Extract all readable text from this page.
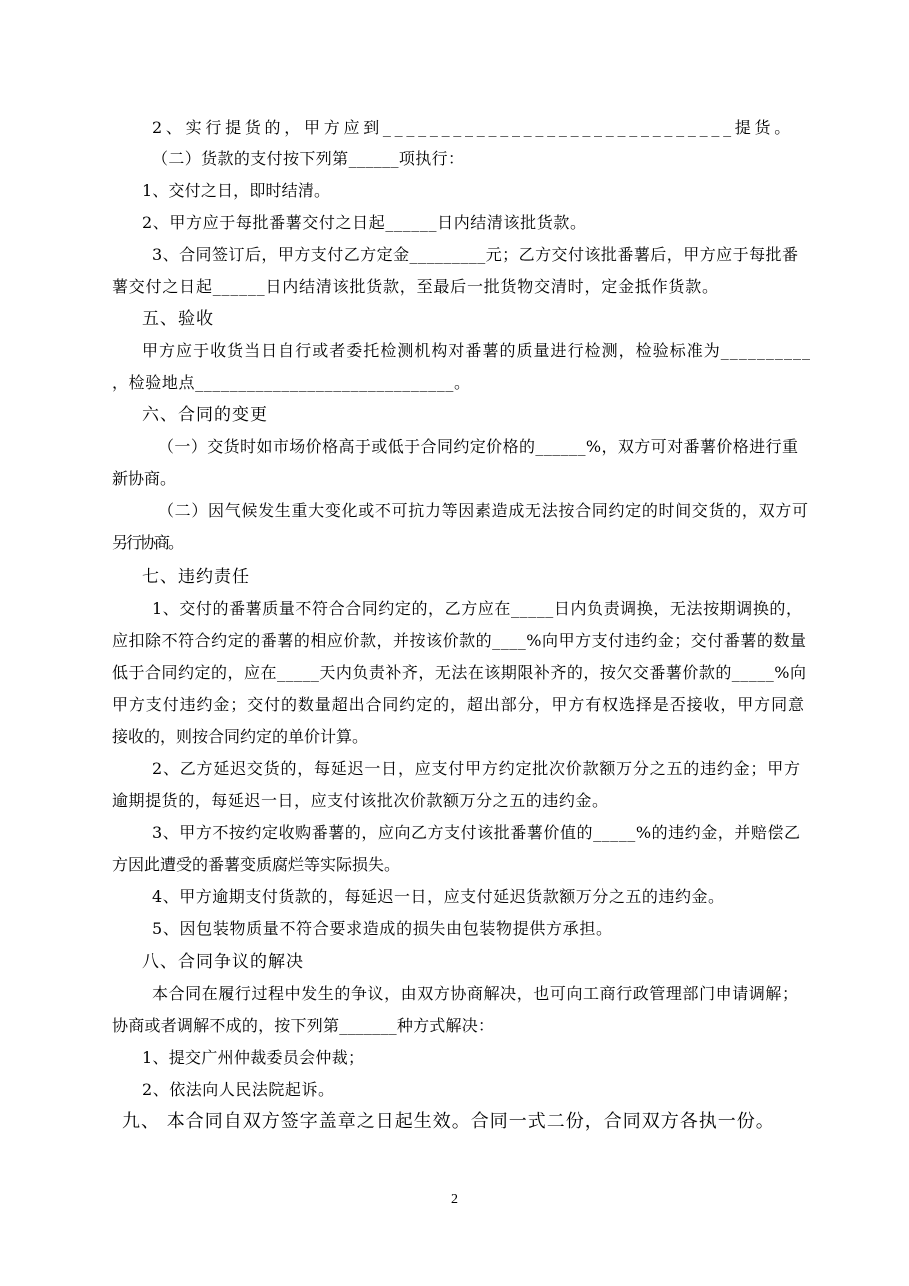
2、实行提货的，甲方应到______________________________提货。
（二）货款的支付按下列第______项执行：
1、交付之日，即时结清。
2、甲方应于每批番薯交付之日起______日内结清该批货款。
3、合同签订后，甲方支付乙方定金_________元；乙方交付该批番薯后，甲方应于每批番
薯交付之日起______日内结清该批货款，至最后一批货物交清时，定金抵作货款。
五、验收
甲方应于收货当日自行或者委托检测机构对番薯的质量进行检测，检验标准为__________
，检验地点______________________________。
六、合同的变更
（一）交货时如市场价格高于或低于合同约定价格的______%，双方可对番薯价格进行重
新协商。
（二）因气候发生重大变化或不可抗力等因素造成无法按合同约定的时间交货的，双方可
另行协商。
七、违约责任
1、交付的番薯质量不符合合同约定的，乙方应在_____日内负责调换，无法按期调换的，
应扣除不符合约定的番薯的相应价款，并按该价款的____%向甲方支付违约金；交付番薯的数量
低于合同约定的，应在_____天内负责补齐，无法在该期限补齐的，按欠交番薯价款的_____%向
甲方支付违约金；交付的数量超出合同约定的，超出部分，甲方有权选择是否接收，甲方同意
接收的，则按合同约定的单价计算。
2、乙方延迟交货的，每延迟一日，应支付甲方约定批次价款额万分之五的违约金；甲方
逾期提货的，每延迟一日，应支付该批次价款额万分之五的违约金。
3、甲方不按约定收购番薯的，应向乙方支付该批番薯价值的_____%的违约金，并赔偿乙
方因此遭受的番薯变质腐烂等实际损失。
4、甲方逾期支付货款的，每延迟一日，应支付延迟货款额万分之五的违约金。
5、因包装物质量不符合要求造成的损失由包装物提供方承担。
八、合同争议的解决
本合同在履行过程中发生的争议，由双方协商解决，也可向工商行政管理部门申请调解；
协商或者调解不成的，按下列第_______种方式解决：
1、提交广州仲裁委员会仲裁；
2、依法向人民法院起诉。
九、 本合同自双方签字盖章之日起生效。合同一式二份，合同双方各执一份。
2
